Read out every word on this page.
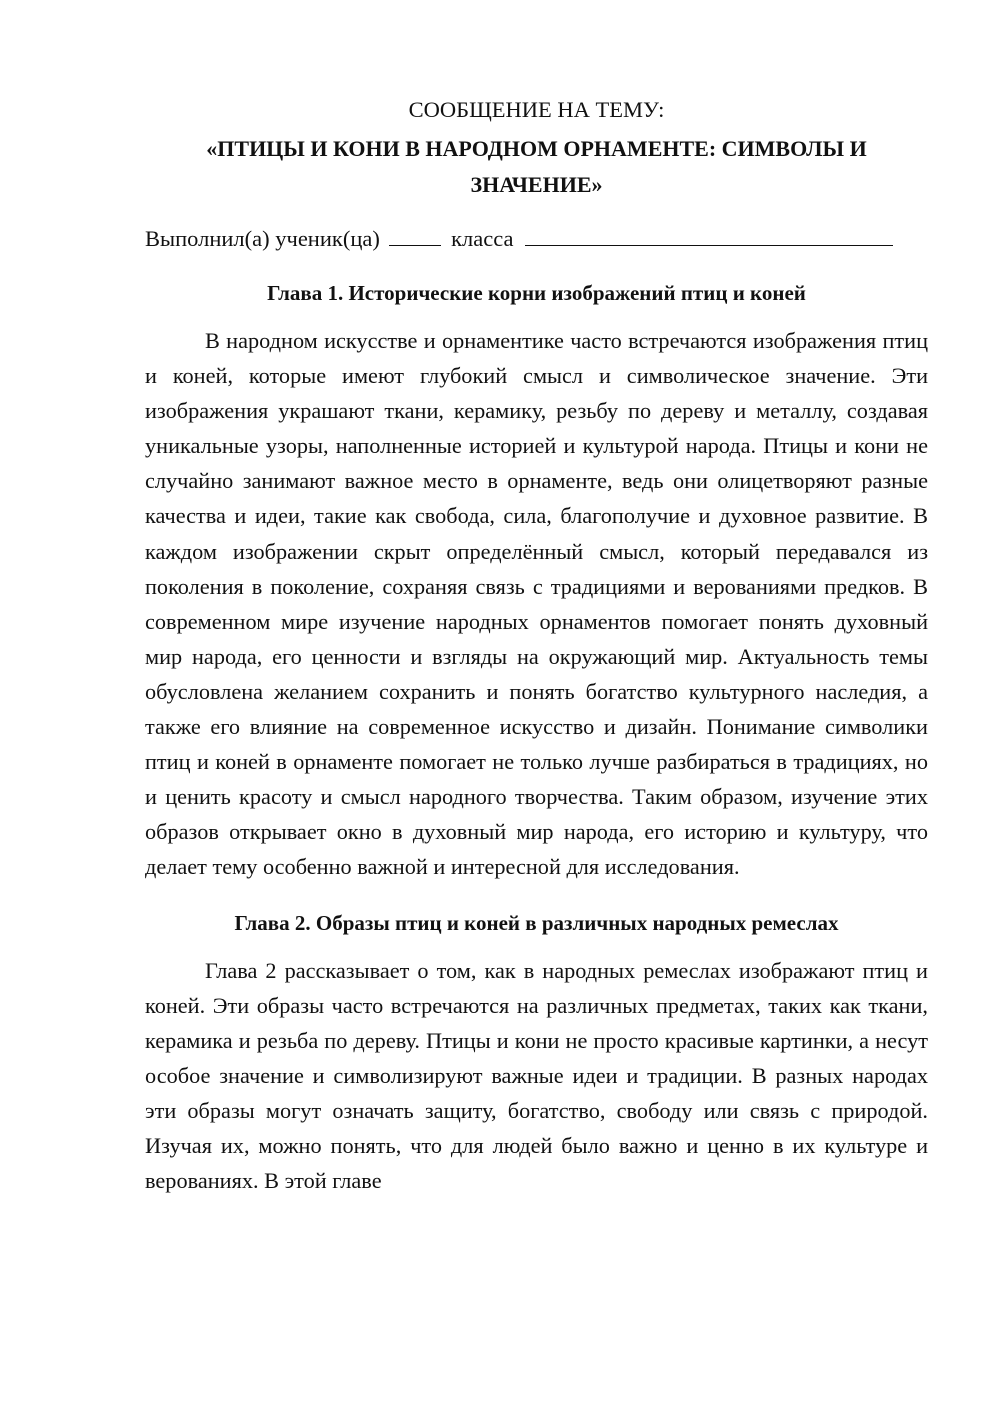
СООБЩЕНИЕ НА ТЕМУ:
«ПТИЦЫ И КОНИ В НАРОДНОМ ОРНАМЕНТЕ: СИМВОЛЫ И ЗНАЧЕНИЕ»
Выполнил(а) ученик(ца)	класса
Глава 1. Исторические корни изображений птиц и коней

В народном искусстве и орнаментике часто встречаются изображения птиц и коней, которые имеют глубокий смысл и символическое значение. Эти изображения украшают ткани, керамику, резьбу по дереву и металлу, создавая уникальные узоры, наполненные историей и культурой народа. Птицы и кони не случайно занимают важное место в орнаменте, ведь они олицетворяют разные качества и идеи, такие как свобода, сила, благополучие и духовное развитие. В каждом изображении скрыт определённый смысл, который передавался из поколения в поколение, сохраняя связь с традициями и верованиями предков. В современном мире изучение народных орнаментов помогает понять духовный мир народа, его ценности и взгляды на окружающий мир. Актуальность темы обусловлена желанием сохранить и понять богатство культурного наследия, а также его влияние на современное искусство и дизайн. Понимание символики птиц и коней в орнаменте помогает не только лучше разбираться в традициях, но и ценить красоту и смысл народного творчества. Таким образом, изучение этих образов открывает окно в духовный мир народа, его историю и культуру, что делает тему особенно важной и интересной для исследования.

Глава 2. Образы птиц и коней в различных народных ремеслах

Глава 2 рассказывает о том, как в народных ремеслах изображают птиц и коней. Эти образы часто встречаются на различных предметах, таких как ткани, керамика и резьба по дереву. Птицы и кони не просто красивые картинки, а несут особое значение и символизируют важные идеи и традиции. В разных народах эти образы могут означать защиту, богатство, свободу или связь с природой. Изучая их, можно понять, что для людей было важно и ценно в их культуре и верованиях. В этой главе
